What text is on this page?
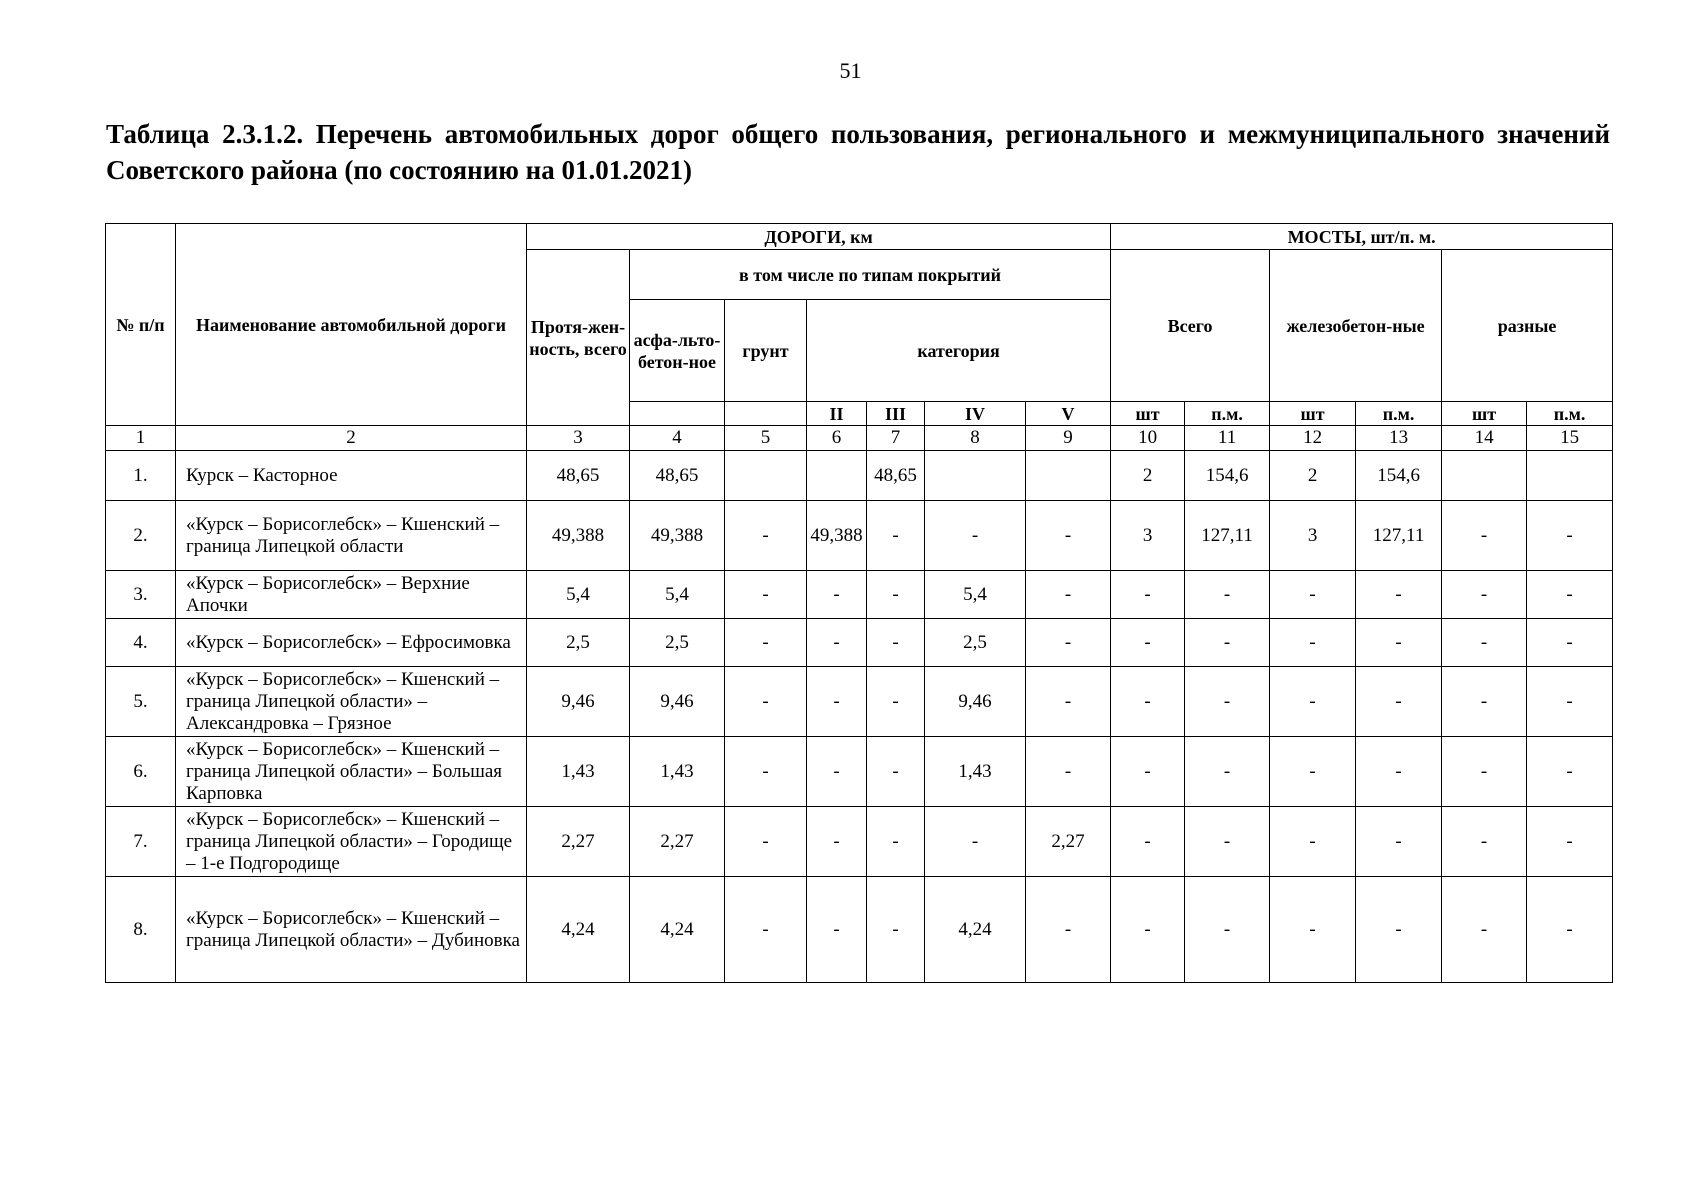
51
Таблица 2.3.1.2. Перечень автомобильных дорог общего пользования, регионального и межмуниципального значений Советского района (по состоянию на 01.01.2021)
№ п/п	Наименование автомобильной дороги	ДОРОГИ, км							МОСТЫ, шт/п. м.					
		Протя-жен-ность, всего	в том числе по типам покрытий						Всего		железобетон-ные		разные	
			асфа-льто-бетон-ное	грунт	категория									
					II	III	IV	V	шт	п.м.	шт	п.м.	шт	п.м.
1	2	3	4	5	6	7	8	9	10	11	12	13	14	15
1.	Курск – Касторное	48,65	48,65			48,65			2	154,6	2	154,6		
2.	«Курск – Борисоглебск» – Кшенский – граница Липецкой области	49,388	49,388	-	49,388	-	-	-	3	127,11	3	127,11	-	-
3.	«Курск – Борисоглебск» – Верхние Апочки	5,4	5,4	-	-	-	5,4	-	-	-	-	-	-	-
4.	«Курск – Борисоглебск» – Ефросимовка	2,5	2,5	-	-	-	2,5	-	-	-	-	-	-	-
5.	«Курск – Борисоглебск» – Кшенский – граница Липецкой области» – Александровка – Грязное	9,46	9,46	-	-	-	9,46	-	-	-	-	-	-	-
6.	«Курск – Борисоглебск» – Кшенский – граница Липецкой области» – Большая Карповка	1,43	1,43	-	-	-	1,43	-	-	-	-	-	-	-
7.	«Курск – Борисоглебск» – Кшенский – граница Липецкой области» – Городище – 1-е Подгородище	2,27	2,27	-	-	-	-	2,27	-	-	-	-	-	-
8.	«Курск – Борисоглебск» – Кшенский – граница Липецкой области» – Дубиновка	4,24	4,24	-	-	-	4,24	-	-	-	-	-	-	-
